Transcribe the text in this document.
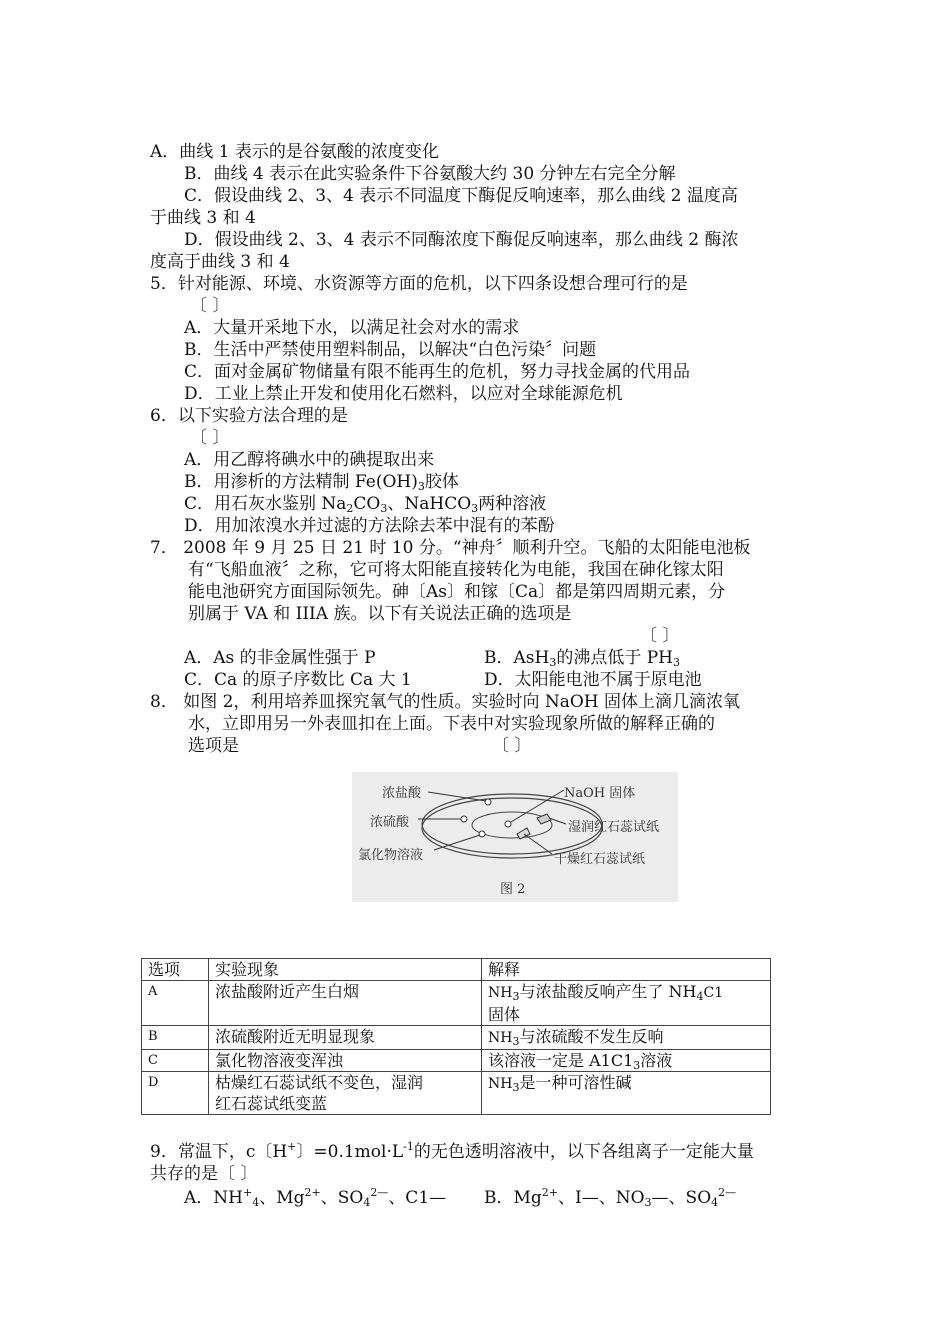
A．曲线 1 表示的是谷氨酸的浓度变化
B．曲线 4 表示在此实验条件下谷氨酸大约 30 分钟左右完全分解
C．假设曲线 2、3、4 表示不同温度下酶促反响速率，那么曲线 2 温度高
于曲线 3 和 4
D．假设曲线 2、3、4 表示不同酶浓度下酶促反响速率，那么曲线 2 酶浓
度高于曲线 3 和 4
5．针对能源、环境、水资源等方面的危机，以下四条设想合理可行的是
〔 〕
A．大量开采地下水，以满足社会对水的需求
B．生活中严禁使用塑料制品，以解决“白色污染〞问题
C．面对金属矿物储量有限不能再生的危机，努力寻找金属的代用品
D．工业上禁止开发和使用化石燃料，以应对全球能源危机
6．以下实验方法合理的是
〔 〕
A．用乙醇将碘水中的碘提取出来
B．用渗析的方法精制 $Fe(OH)_3$胶体
C．用石灰水鉴别 $Na_2CO_3$、NaHCO$_3$两种溶液
D．用加浓溴水并过滤的方法除去苯中混有的苯酚
7． 2008 年 9 月 25 日 21 时 10 分。“神舟〞顺利升空。飞船的太阳能电池板
有“飞船血液〞之称，它可将太阳能直接转化为电能，我国在砷化镓太阳
能电池研究方面国际领先。砷〔As〕和镓〔Ca〕都是第四周期元素，分
别属于 VA 和 IIIA 族。以下有关说法正确的选项是
〔 〕
A．As 的非金属性强于 P	B．AsH$_3$的沸点低于 $PH_3$
C．Ca 的原子序数比 Ca 大 1	D．太阳能电池不属于原电池
8． 如图 2，利用培养皿探究氧气的性质。实验时向 NaOH 固体上滴几滴浓氧
水，立即用另一外表皿扣在上面。下表中对实验现象所做的解释正确的
选项是	〔 〕
浓盐酸
浓硫酸
氯化物溶液
NaOH 固体
湿润红石蕊试纸
干燥红石蕊试纸
图 2
选项	实验现象	解释
A	浓盐酸附近产生白烟	$NH_3$与浓盐酸反响产生了 $NH_4C1$
固体
B	浓硫酸附近无明显现象	$NH_3$与浓硫酸不发生反响
C	氯化物溶液变浑浊	该溶液一定是 $A1C1_3$溶液
D	枯燥红石蕊试纸不变色，湿润
红石蕊试纸变蓝	$NH_3$是一种可溶性碱
9．常温下，c〔H+〕$=0.1mol\cdot L^{-1}$的无色透明溶液中，以下各组离子一定能大量
共存的是〔 〕
A．$NH^+_4$、$Mg^{2+}$、$SO_4^{2—}$、C1— B．$Mg^{2+}$、I—、$NO_3—$、$SO_4^{2—}$
